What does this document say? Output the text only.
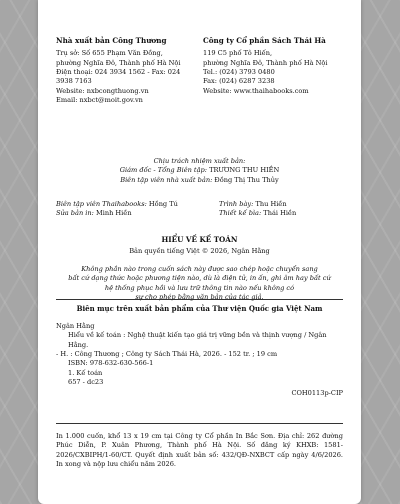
Nhà xuất bản Công Thương
Trụ sở: Số 655 Phạm Văn Đồng,
phường Nghĩa Đô, Thành phố Hà Nội
Điện thoại: 024 3934 1562 - Fax: 024 3938 7163
Website: nxbcongthuong.vn
Email: nxbct@moit.gov.vn
Công ty Cổ phần Sách Thái Hà
119 C5 phố Tô Hiến,
phường Nghĩa Đô, Thành phố Hà Nội
Tel.: (024) 3793 0480
Fax: (024) 6287 3238
Website: www.thaihabooks.com
Chịu trách nhiệm xuất bản:
Giám đốc - Tổng Biên tập: TRƯƠNG THU HIỀN
Biên tập viên nhà xuất bản: Đồng Thị Thu Thủy
Biên tập viên Thaihabooks: Hồng Tú
Sửa bản in: Minh Hiền
Trình bày: Thu Hiền
Thiết kế bìa: Thái Hiền
HIỂU VỀ KẾ TOÁN
Bản quyền tiếng Việt © 2026, Ngân Hằng
Không phần nào trong cuốn sách này được sao chép hoặc chuyển sang
bất cứ dạng thức hoặc phương tiện nào, dù là điện tử, in ấn, ghi âm hay bất cứ
hệ thống phục hồi và lưu trữ thông tin nào nếu không có
sự cho phép bằng văn bản của tác giả.
Biên mục trên xuất bản phẩm của Thư viện Quốc gia Việt Nam
Ngân Hằng
Hiểu về kế toán : Nghệ thuật kiến tạo giá trị vững bền và thịnh vượng / Ngân Hằng.
- H. : Công Thương ; Công ty Sách Thái Hà, 2026. - 152 tr. ; 19 cm
ISBN: 978-632-630-566-1
1. Kế toán
657 - dc23
COH0113p-CIP
In 1.000 cuốn, khổ 13 x 19 cm tại Công ty Cổ phần In Bắc Sơn. Địa chỉ: 262 đường Phúc Diễn, P. Xuân Phương, Thành phố Hà Nội. Số đăng ký KHXB: 1581-2026/CXBIPH/1-60/CT. Quyết định xuất bản số: 432/QĐ-NXBCT cấp ngày 4/6/2026. In xong và nộp lưu chiểu năm 2026.
